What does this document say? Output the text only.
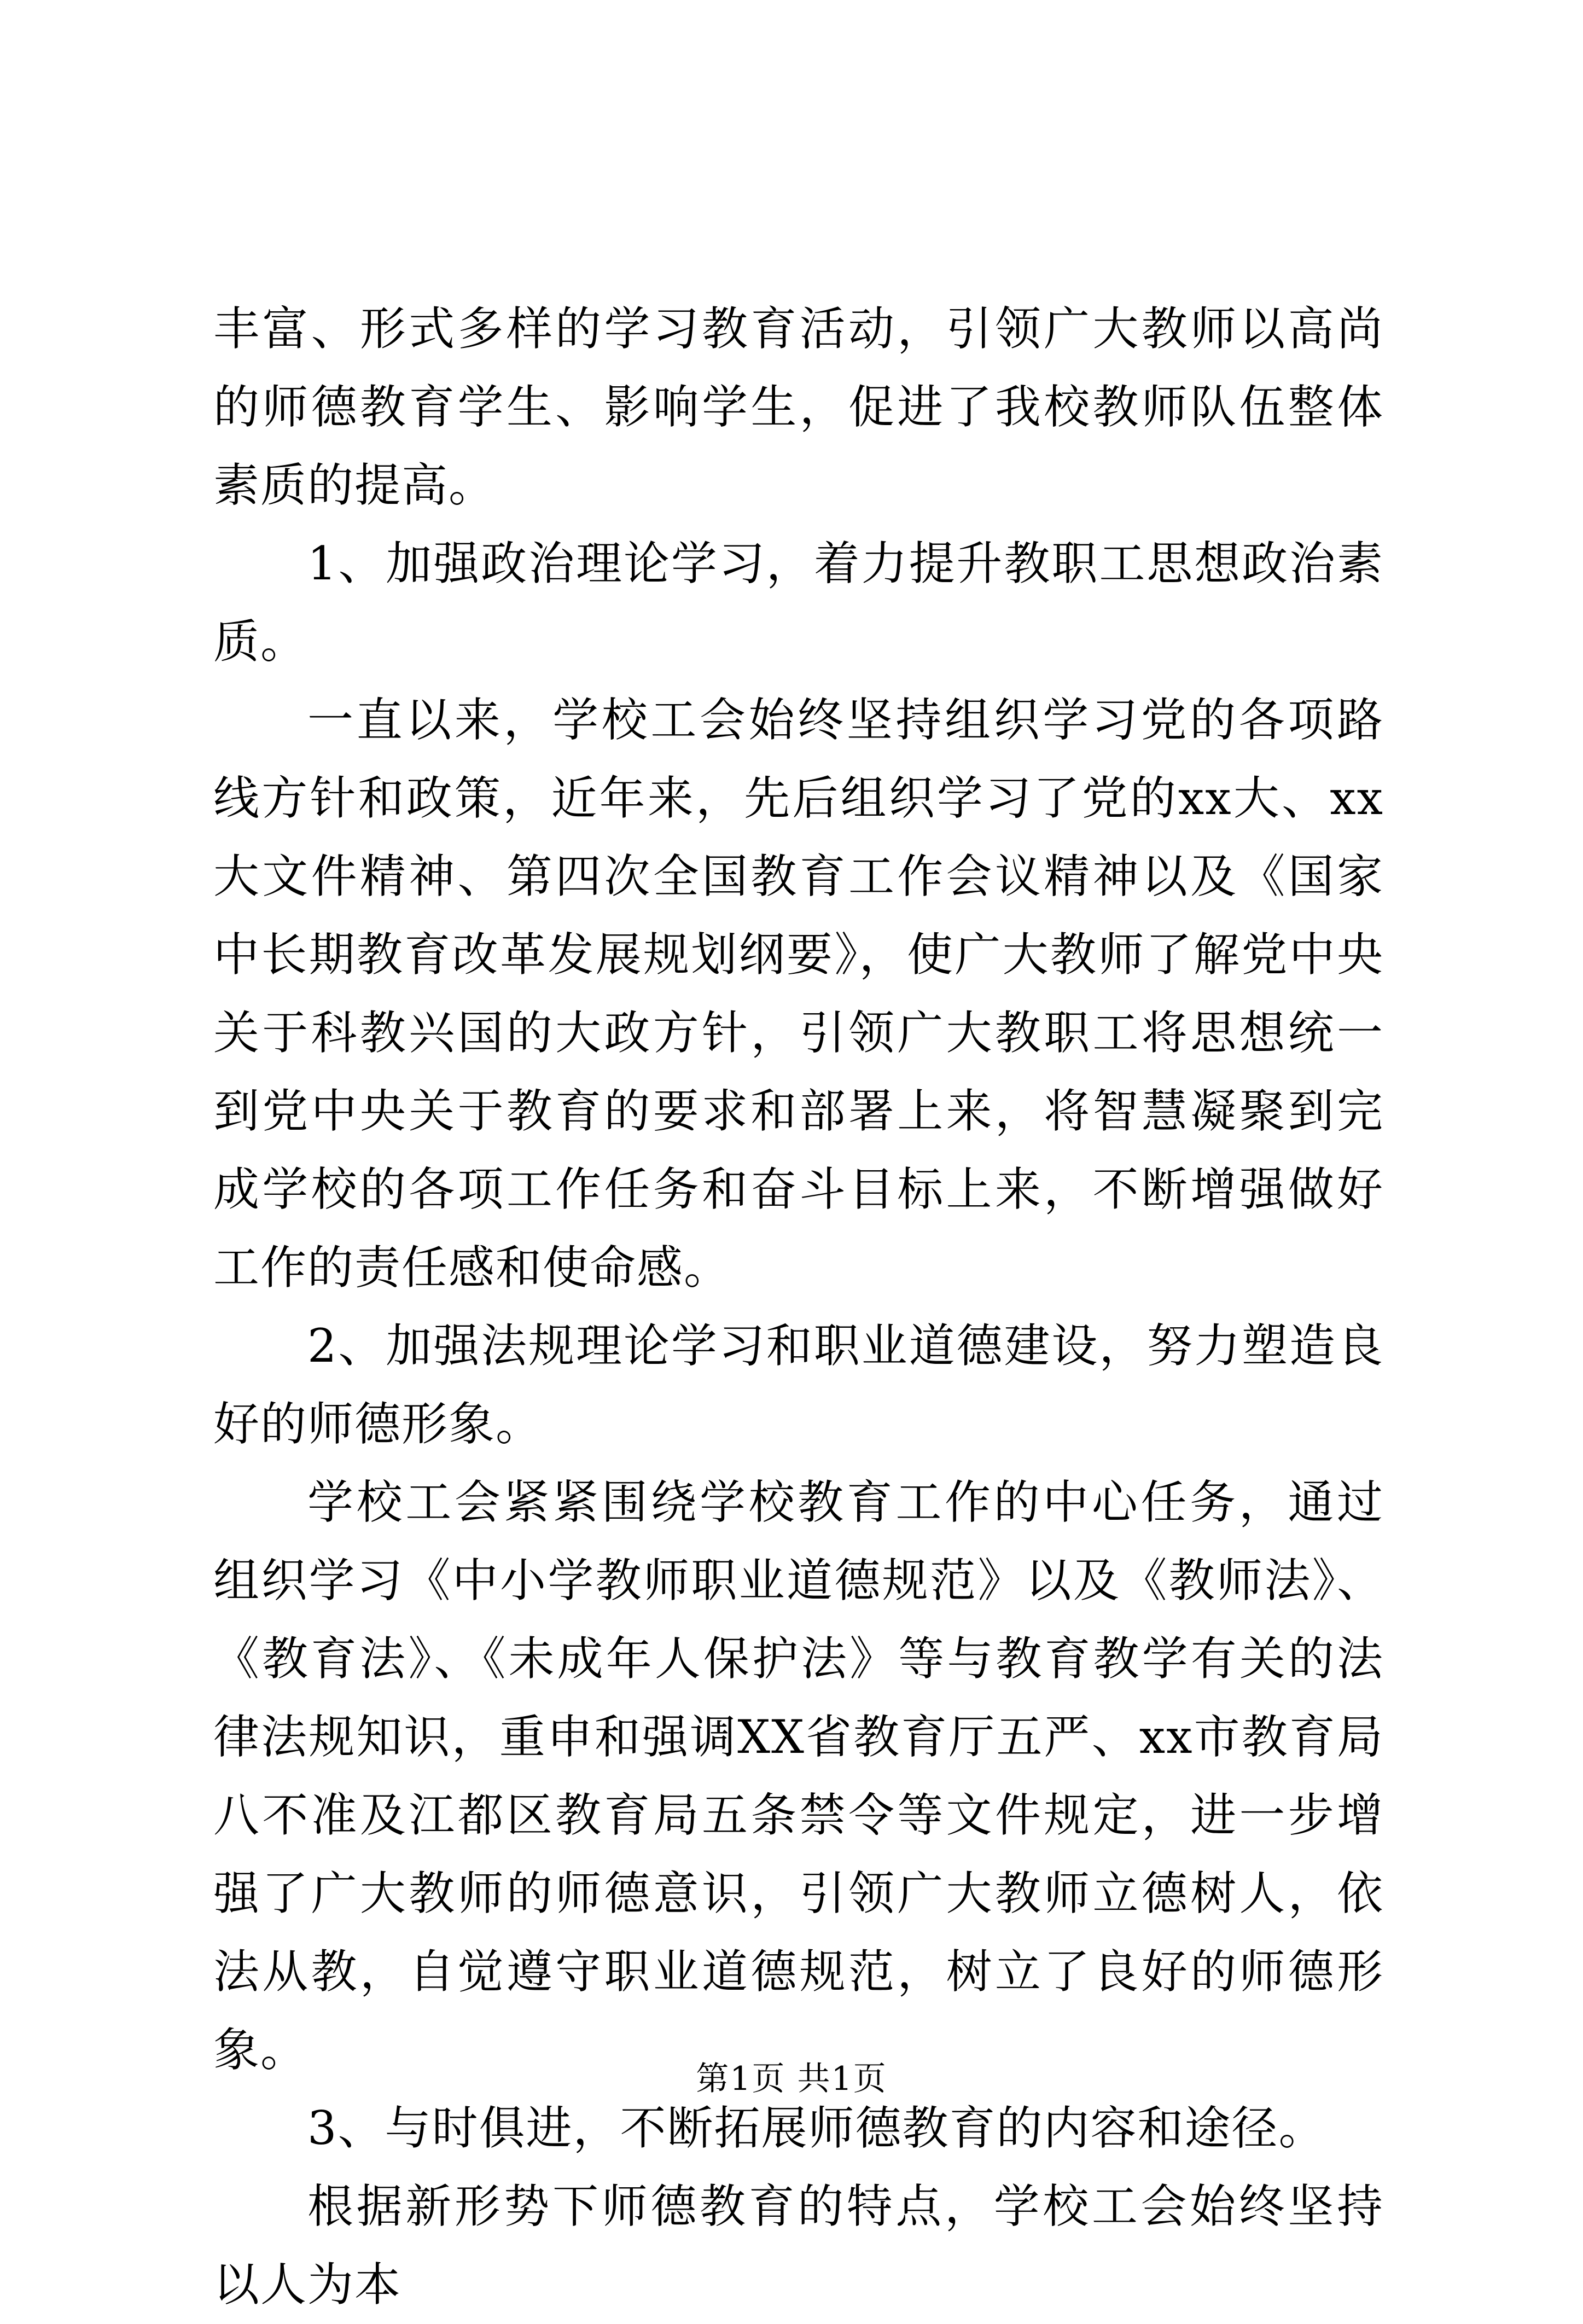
丰富、形式多样的学习教育活动，引领广大教师以高尚的师德教育学生、影响学生，促进了我校教师队伍整体素质的提高。

1、加强政治理论学习，着力提升教职工思想政治素质。

一直以来，学校工会始终坚持组织学习党的各项路线方针和政策，近年来，先后组织学习了党的xx大、xx大文件精神、第四次全国教育工作会议精神以及《国家中长期教育改革发展规划纲要》，使广大教师了解党中央关于科教兴国的大政方针，引领广大教职工将思想统一到党中央关于教育的要求和部署上来，将智慧凝聚到完成学校的各项工作任务和奋斗目标上来，不断增强做好工作的责任感和使命感。

2、加强法规理论学习和职业道德建设，努力塑造良好的师德形象。

学校工会紧紧围绕学校教育工作的中心任务，通过组织学习《中小学教师职业道德规范》以及《教师法》、《教育法》、《未成年人保护法》等与教育教学有关的法律法规知识，重申和强调XX省教育厅五严、xx市教育局八不准及江都区教育局五条禁令等文件规定，进一步增强了广大教师的师德意识，引领广大教师立德树人，依法从教，自觉遵守职业道德规范，树立了良好的师德形象。

3、与时俱进，不断拓展师德教育的内容和途径。

根据新形势下师德教育的特点，学校工会始终坚持以人为本

第1页 共1页
